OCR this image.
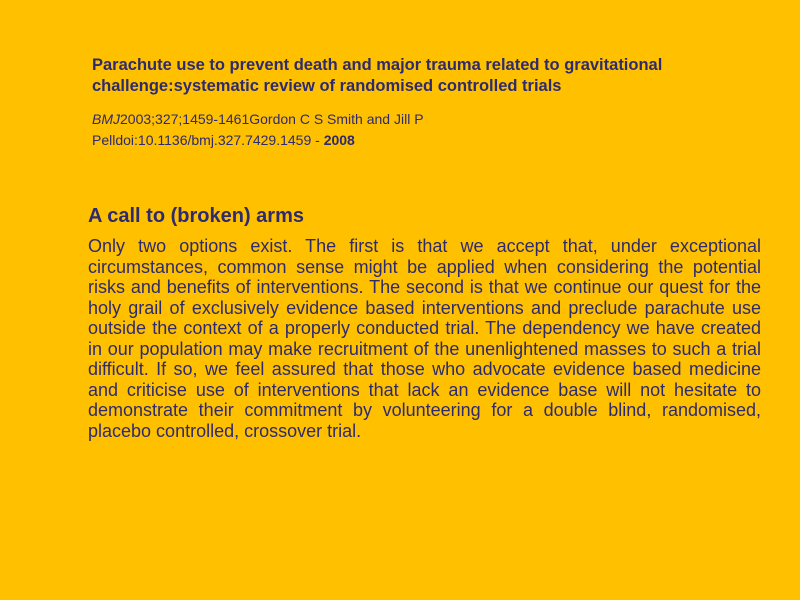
Parachute use to prevent death and major trauma related to gravitational challenge:systematic review of randomised controlled trials

BMJ2003;327;1459-1461Gordon C S Smith and Jill P Pelldoi:10.1136/bmj.327.7429.1459 - 2008
A call to (broken) arms

Only two options exist. The first is that we accept that, under exceptional circumstances, common sense might be applied when considering the potential risks and benefits of interventions. The second is that we continue our quest for the holy grail of exclusively evidence based interventions and preclude parachute use outside the context of a properly conducted trial. The dependency we have created in our population may make recruitment of the unenlightened masses to such a trial difficult. If so, we feel assured that those who advocate evidence based medicine and criticise use of interventions that lack an evidence base will not hesitate to demonstrate their commitment by volunteering for a double blind, randomised, placebo controlled, crossover trial.
